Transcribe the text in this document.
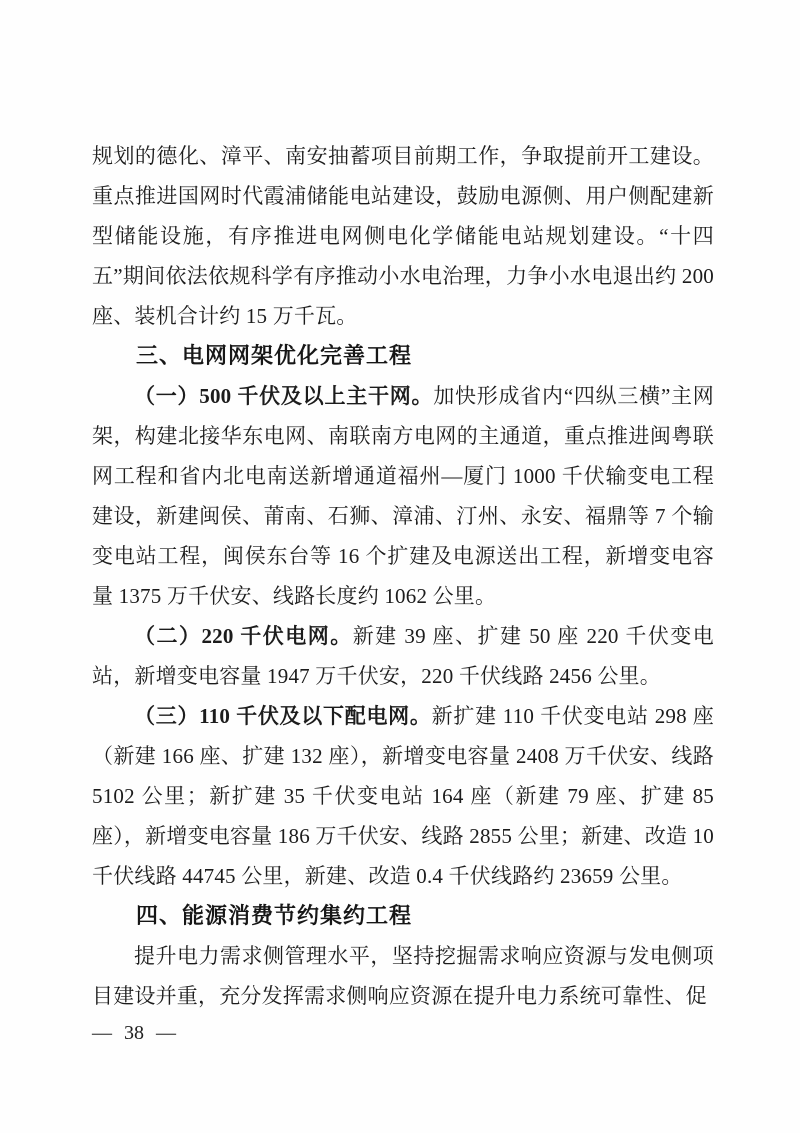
规划的德化、漳平、南安抽蓄项目前期工作，争取提前开工建设。重点推进国网时代霞浦储能电站建设，鼓励电源侧、用户侧配建新型储能设施，有序推进电网侧电化学储能电站规划建设。“十四五”期间依法依规科学有序推动小水电治理，力争小水电退出约 200 座、装机合计约 15 万千瓦。

三、电网网架优化完善工程

（一）500 千伏及以上主干网。加快形成省内“四纵三横”主网架，构建北接华东电网、南联南方电网的主通道，重点推进闽粤联网工程和省内北电南送新增通道福州—厦门 1000 千伏输变电工程建设，新建闽侯、莆南、石狮、漳浦、汀州、永安、福鼎等 7 个输变电站工程，闽侯东台等 16 个扩建及电源送出工程，新增变电容量 1375 万千伏安、线路长度约 1062 公里。

（二）220 千伏电网。新建 39 座、扩建 50 座 220 千伏变电站，新增变电容量 1947 万千伏安，220 千伏线路 2456 公里。

（三）110 千伏及以下配电网。新扩建 110 千伏变电站 298 座（新建 166 座、扩建 132 座），新增变电容量 2408 万千伏安、线路 5102 公里；新扩建 35 千伏变电站 164 座（新建 79 座、扩建 85 座），新增变电容量 186 万千伏安、线路 2855 公里；新建、改造 10 千伏线路 44745 公里，新建、改造 0.4 千伏线路约 23659 公里。

四、能源消费节约集约工程

提升电力需求侧管理水平，坚持挖掘需求响应资源与发电侧项目建设并重，充分发挥需求侧响应资源在提升电力系统可靠性、促

— 38 —
